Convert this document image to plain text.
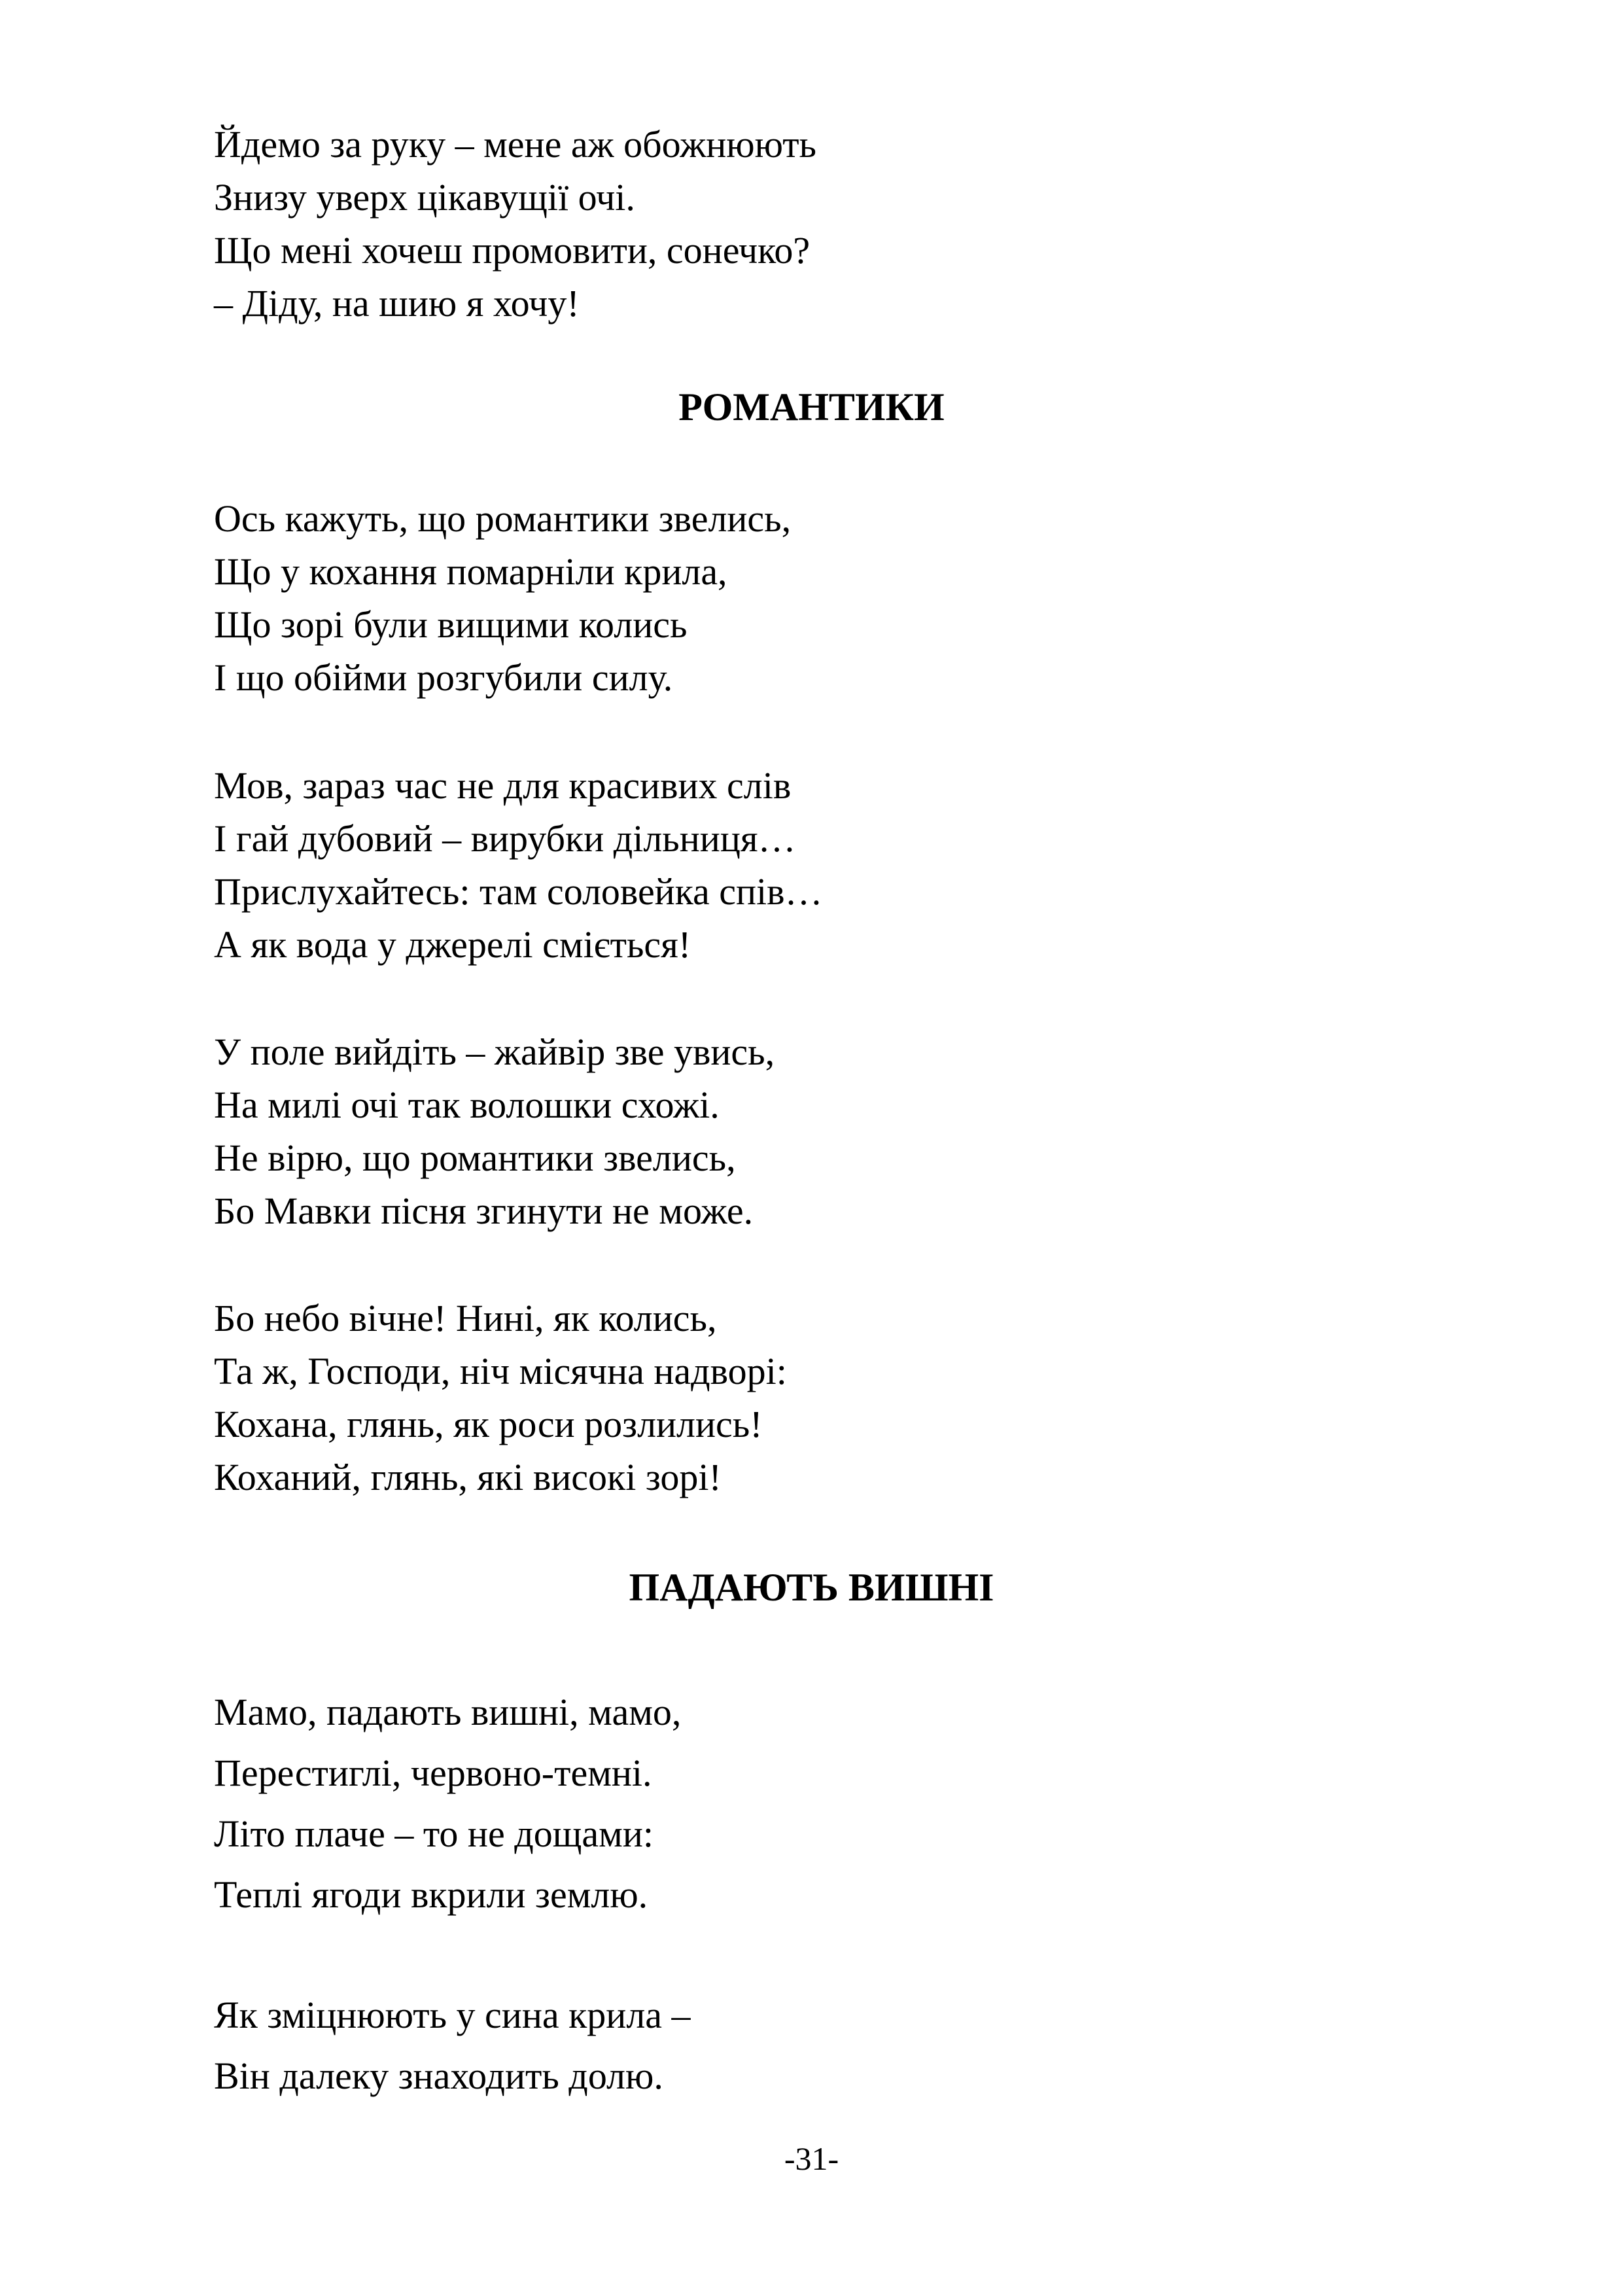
Йдемо за руку – мене аж обожнюють
Знизу уверх цікавущії очі.
Що мені хочеш промовити, сонечко?
– Діду, на шию я хочу!
РОМАНТИКИ
Ось кажуть, що романтики звелись,
Що у кохання помарніли крила,
Що зорі були вищими колись
І що обійми розгубили силу.
Мов, зараз час не для красивих слів
І гай дубовий – вирубки дільниця…
Прислухайтесь: там соловейка спів…
А як вода у джерелі сміється!
У поле вийдіть – жайвір зве увись,
На милі очі так волошки схожі.
Не вірю, що романтики звелись,
Бо Мавки пісня згинути не може.
Бо небо вічне! Нині, як колись,
Та ж, Господи, ніч місячна надворі:
Кохана, глянь, як роси розлились!
Коханий, глянь, які високі зорі!
ПАДАЮТЬ ВИШНІ
Мамо, падають вишні, мамо,
Перестиглі, червоно-темні.
Літо плаче – то не дощами:
Теплі ягоди вкрили землю.
Як зміцнюють у сина крила –
Він далеку знаходить долю.
-31-
